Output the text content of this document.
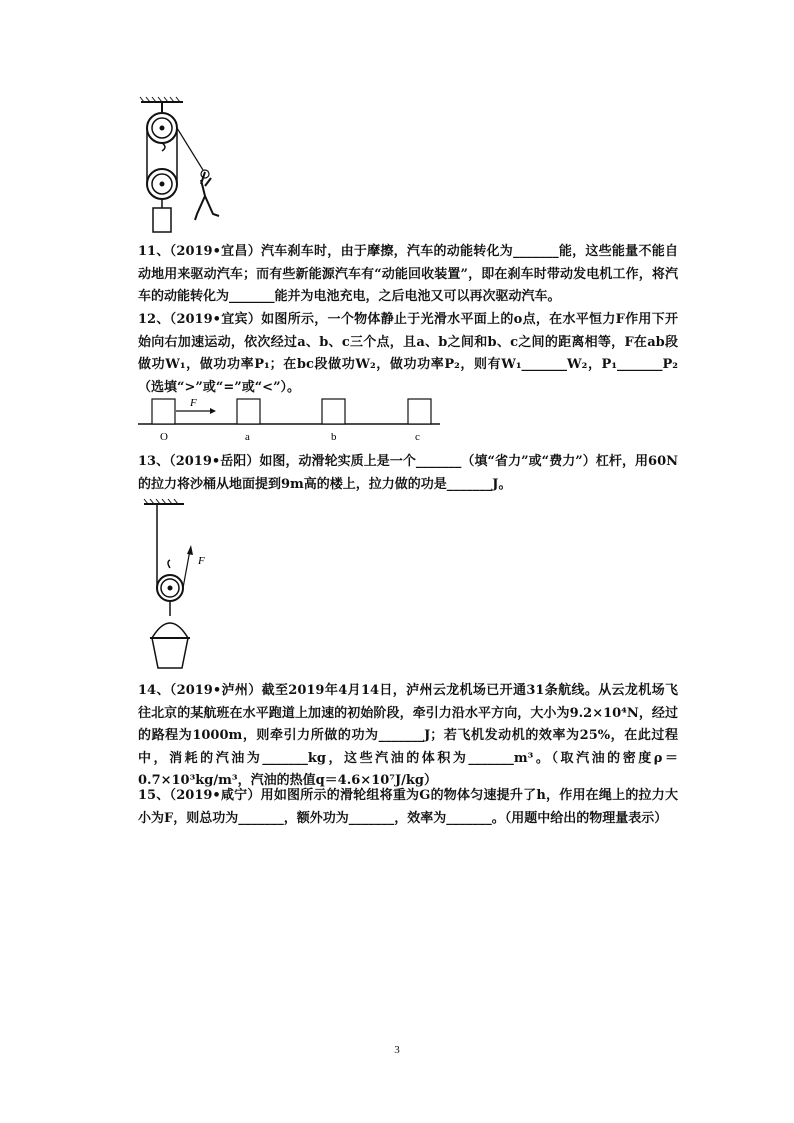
11、（2019•宜昌）汽车刹车时，由于摩擦，汽车的动能转化为_______能，这些能量不能自动地用来驱动汽车；而有些新能源汽车有“动能回收装置”，即在刹车时带动发电机工作，将汽车的动能转化为_______能并为电池充电，之后电池又可以再次驱动汽车。

12、（2019•宜宾）如图所示，一个物体静止于光滑水平面上的o点，在水平恒力F作用下开始向右加速运动，依次经过a、b、c三个点，且a、b之间和b、c之间的距离相等，F在ab段做功W₁，做功功率P₁；在bc段做功W₂，做功功率P₂，则有W₁_______W₂，P₁_______P₂（选填“>”或“=”或“<”）。

F
O	a	b	c

13、（2019•岳阳）如图，动滑轮实质上是一个_______（填“省力”或“费力”）杠杆，用60N的拉力将沙桶从地面提到9m高的楼上，拉力做的功是_______J。

F

14、（2019•泸州）截至2019年4月14日，泸州云龙机场已开通31条航线。从云龙机场飞往北京的某航班在水平跑道上加速的初始阶段，牵引力沿水平方向，大小为9.2×10⁴N，经过的路程为1000m，则牵引力所做的功为_______J；若飞机发动机的效率为25%，在此过程中，消耗的汽油为_______kg，这些汽油的体积为_______m³。（取汽油的密度ρ＝0.7×10³kg/m³，汽油的热值q＝4.6×10⁷J/kg）

15、（2019•咸宁）用如图所示的滑轮组将重为G的物体匀速提升了h，作用在绳上的拉力大小为F，则总功为_______，额外功为_______，效率为_______。（用题中给出的物理量表示）

3
